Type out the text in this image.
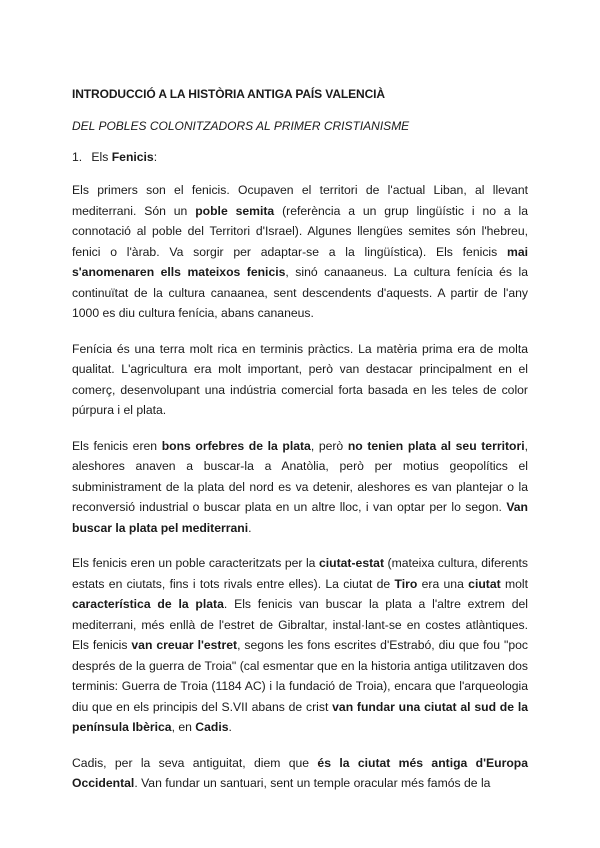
INTRODUCCIÓ A LA HISTÒRIA ANTIGA PAÍS VALENCIÀ
DEL POBLES COLONITZADORS AL PRIMER CRISTIANISME
1. Els Fenicis:

Els primers son el fenicis. Ocupaven el territori de l'actual Liban, al llevant mediterrani. Són un poble semita (referència a un grup lingüístic i no a la connotació al poble del Territori d'Israel). Algunes llengües semites són l'hebreu, fenici o l'àrab. Va sorgir per adaptar-se a la lingüística). Els fenicis mai s'anomenaren ells mateixos fenicis, sinó canaaneus. La cultura fenícia és la continuïtat de la cultura canaanea, sent descendents d'aquests. A partir de l'any 1000 es diu cultura fenícia, abans cananeus.

Fenícia és una terra molt rica en terminis pràctics. La matèria prima era de molta qualitat. L'agricultura era molt important, però van destacar principalment en el comerç, desenvolupant una indústria comercial forta basada en les teles de color púrpura i el plata.

Els fenicis eren bons orfebres de la plata, però no tenien plata al seu territori, aleshores anaven a buscar-la a Anatòlia, però per motius geopolítics el subministrament de la plata del nord es va detenir, aleshores es van plantejar o la reconversió industrial o buscar plata en un altre lloc, i van optar per lo segon. Van buscar la plata pel mediterrani.

Els fenicis eren un poble caracteritzats per la ciutat-estat (mateixa cultura, diferents estats en ciutats, fins i tots rivals entre elles). La ciutat de Tiro era una ciutat molt característica de la plata. Els fenicis van buscar la plata a l'altre extrem del mediterrani, més enllà de l'estret de Gibraltar, instal·lant-se en costes atlàntiques. Els fenicis van creuar l'estret, segons les fons escrites d'Estrabó, diu que fou "poc després de la guerra de Troia" (cal esmentar que en la historia antiga utilitzaven dos terminis: Guerra de Troia (1184 AC) i la fundació de Troia), encara que l'arqueologia diu que en els principis del S.VII abans de crist van fundar una ciutat al sud de la península Ibèrica, en Cadis.

Cadis, per la seva antiguitat, diem que és la ciutat més antiga d'Europa Occidental. Van fundar un santuari, sent un temple oracular més famós de la
